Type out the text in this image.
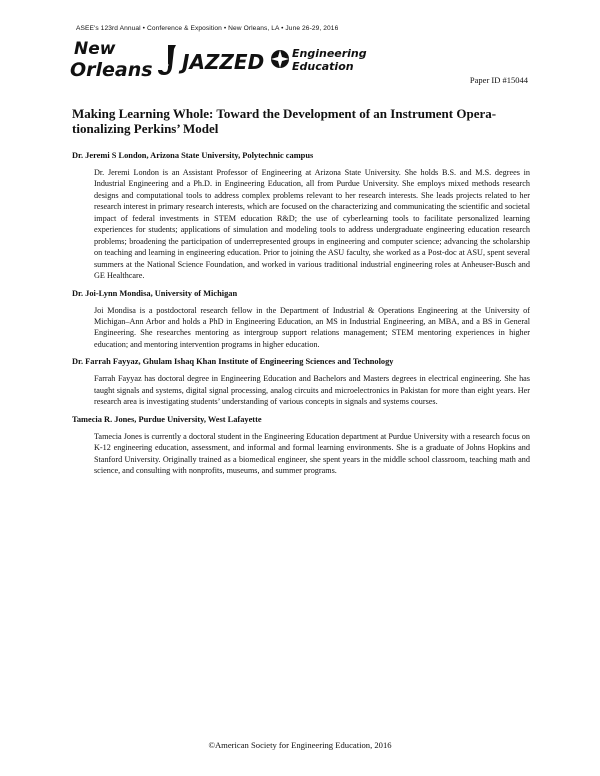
ASEE's 123rd Annual • Conference & Exposition • New Orleans, LA • June 26-29, 2016
New
Orleans JAZZED	Engineering
Education
Paper ID #15044
Making Learning Whole: Toward the Development of an Instrument Opera- tionalizing Perkins’ Model
Dr. Jeremi S London, Arizona State University, Polytechnic campus
Dr. Jeremi London is an Assistant Professor of Engineering at Arizona State University. She holds B.S. and M.S. degrees in Industrial Engineering and a Ph.D. in Engineering Education, all from Purdue University. She employs mixed methods research designs and computational tools to address complex problems relevant to her research interests. She leads projects related to her research interest in primary research interests, which are focused on the characterizing and communicating the scientific and societal impact of federal investments in STEM education R&D; the use of cyberlearning tools to facilitate personalized learning experiences for students; applications of simulation and modeling tools to address undergraduate engineering education research problems; broadening the participation of underrepresented groups in engineering and computer science; advancing the scholarship on teaching and learning in engineering education. Prior to joining the ASU faculty, she worked as a Post-doc at ASU, spent several summers at the National Science Foundation, and worked in various traditional industrial engineering roles at Anheuser-Busch and GE Healthcare.
Dr. Joi-Lynn Mondisa, University of Michigan
Joi Mondisa is a postdoctoral research fellow in the Department of Industrial & Operations Engineering at the University of Michigan–Ann Arbor and holds a PhD in Engineering Education, an MS in Industrial Engineering, an MBA, and a BS in General Engineering. She researches mentoring as intergroup support relations management; STEM mentoring experiences in higher education; and mentoring intervention programs in higher education.
Dr. Farrah Fayyaz, Ghulam Ishaq Khan Institute of Engineering Sciences and Technology
Farrah Fayyaz has doctoral degree in Engineering Education and Bachelors and Masters degrees in electrical engineering. She has taught signals and systems, digital signal processing, analog circuits and microelectronics in Pakistan for more than eight years. Her research area is investigating students’ understanding of various concepts in signals and systems courses.
Tamecia R. Jones, Purdue University, West Lafayette
Tamecia Jones is currently a doctoral student in the Engineering Education department at Purdue University with a research focus on K-12 engineering education, assessment, and informal and formal learning environments. She is a graduate of Johns Hopkins and Stanford University. Originally trained as a biomedical engineer, she spent years in the middle school classroom, teaching math and science, and consulting with nonprofits, museums, and summer programs.
©American Society for Engineering Education, 2016
